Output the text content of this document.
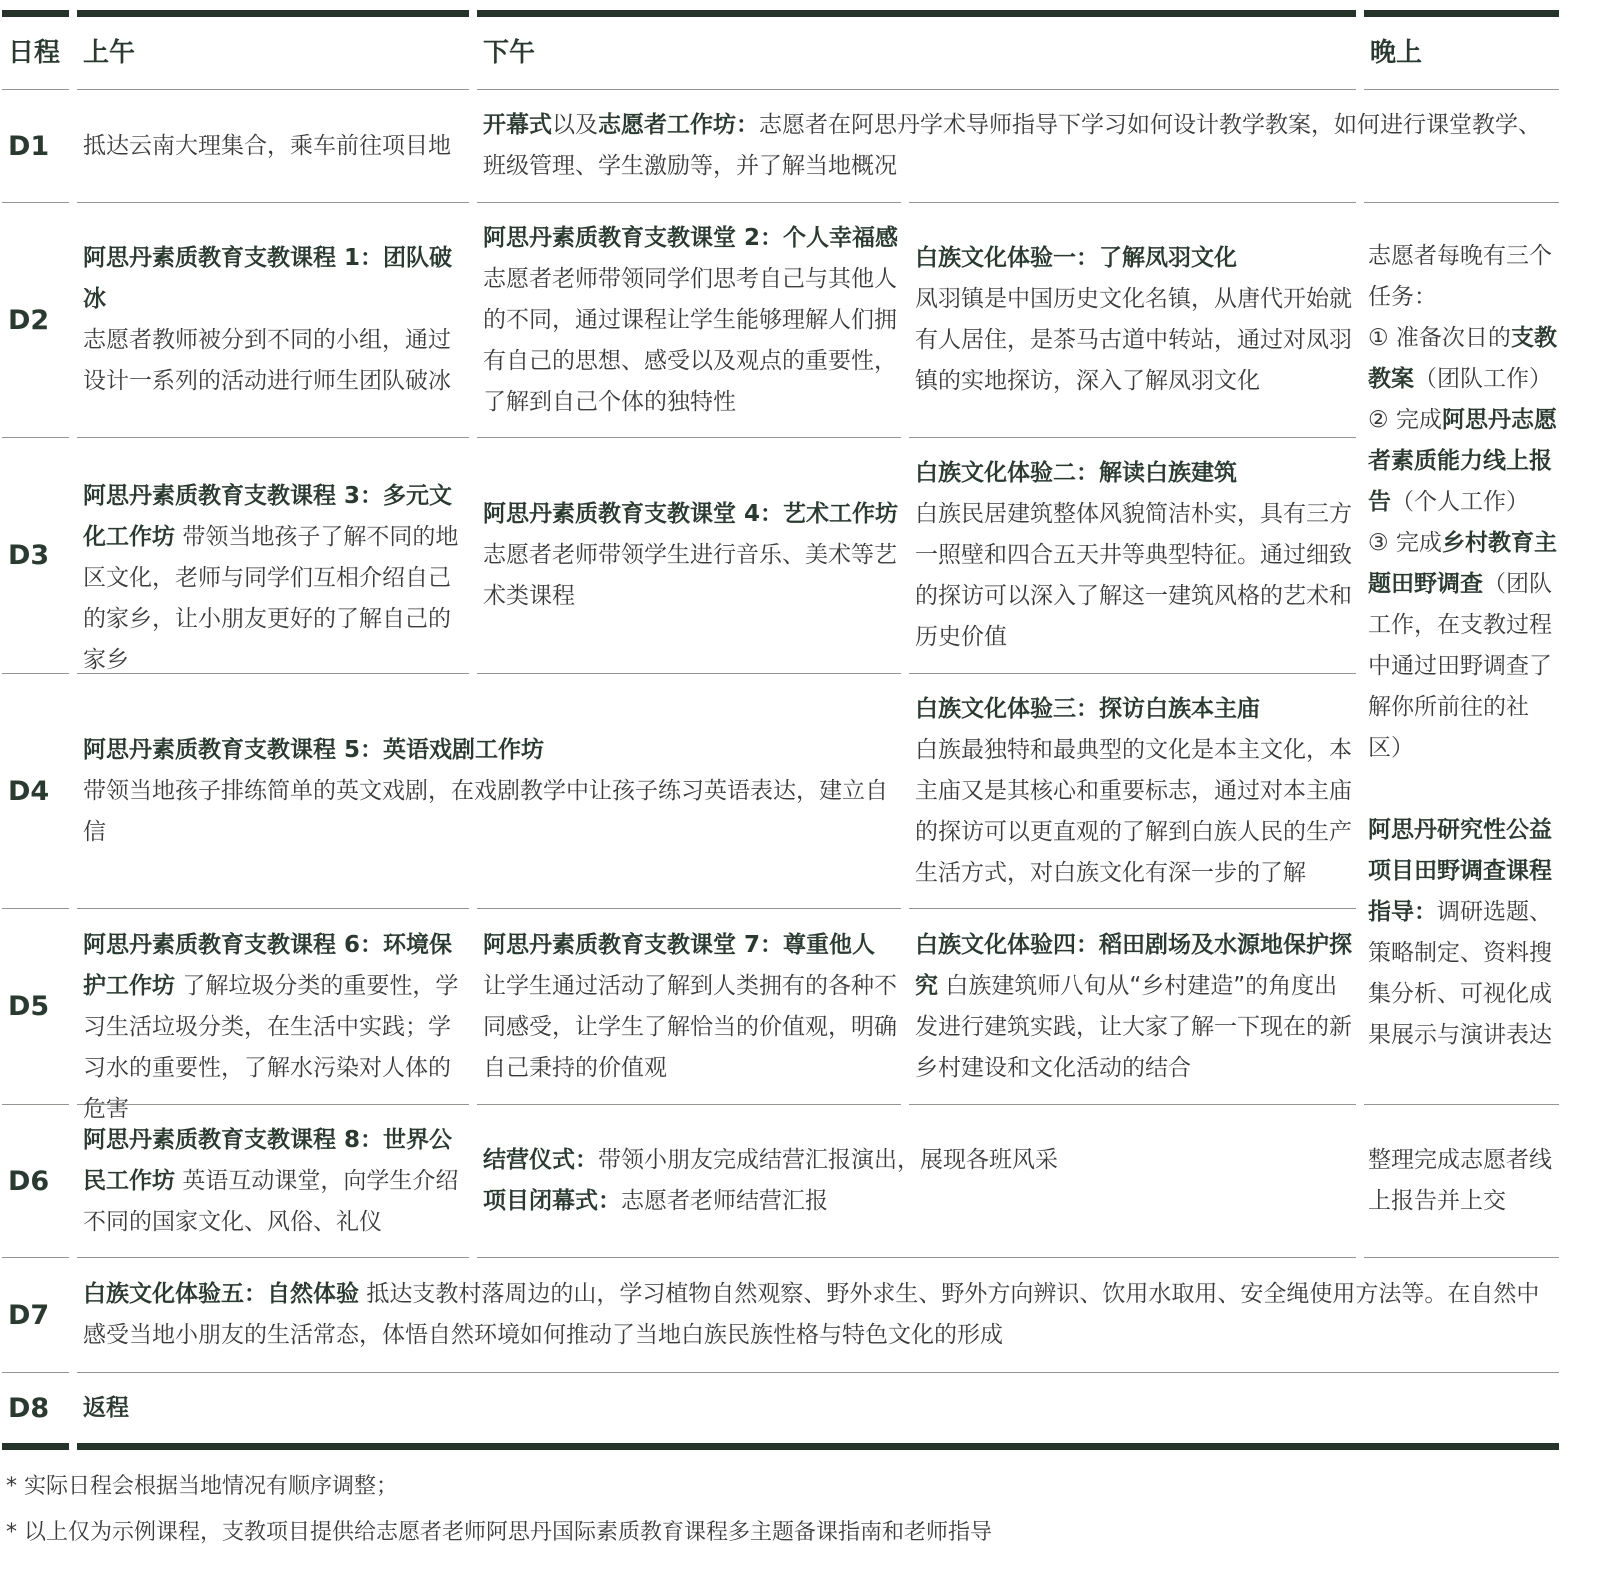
日程 上午	下午	晚上
D1
D2
D3
D4
D5
D6
D7
D8
抵达云南大理集合，乘车前往项目地
开幕式以及志愿者工作坊：志愿者在阿思丹学术导师指导下学习如何设计教学教案，如何进行课堂教学、班级管理、学生激励等，并了解当地概况
阿思丹素质教育支教课程 1：团队破冰
志愿者教师被分到不同的小组，通过设计一系列的活动进行师生团队破冰
阿思丹素质教育支教课堂 2：个人幸福感
志愿者老师带领同学们思考自己与其他人的不同，通过课程让学生能够理解人们拥有自己的思想、感受以及观点的重要性，了解到自己个体的独特性
白族文化体验一：了解凤羽文化
凤羽镇是中国历史文化名镇，从唐代开始就有人居住，是茶马古道中转站，通过对凤羽镇的实地探访，深入了解凤羽文化
志愿者每晚有三个任务：
① 准备次日的支教教案（团队工作）
② 完成阿思丹志愿者素质能力线上报告（个人工作）
③ 完成乡村教育主题田野调查（团队工作，在支教过程中通过田野调查了解你所前往的社区）
阿思丹研究性公益项目田野调查课程指导：调研选题、策略制定、资料搜集分析、可视化成果展示与演讲表达
阿思丹素质教育支教课程 3：多元文化工作坊 带领当地孩子了解不同的地区文化，老师与同学们互相介绍自己的家乡，让小朋友更好的了解自己的家乡
阿思丹素质教育支教课堂 4：艺术工作坊
志愿者老师带领学生进行音乐、美术等艺术类课程
白族文化体验二：解读白族建筑
白族民居建筑整体风貌简洁朴实，具有三方一照壁和四合五天井等典型特征。通过细致的探访可以深入了解这一建筑风格的艺术和历史价值
阿思丹素质教育支教课程 5：英语戏剧工作坊
带领当地孩子排练简单的英文戏剧，在戏剧教学中让孩子练习英语表达，建立自信
白族文化体验三：探访白族本主庙
白族最独特和最典型的文化是本主文化，本主庙又是其核心和重要标志，通过对本主庙的探访可以更直观的了解到白族人民的生产生活方式，对白族文化有深一步的了解
阿思丹素质教育支教课程 6：环境保护工作坊 了解垃圾分类的重要性，学习生活垃圾分类，在生活中实践；学习水的重要性，了解水污染对人体的危害
阿思丹素质教育支教课堂 7：尊重他人
让学生通过活动了解到人类拥有的各种不同感受，让学生了解恰当的价值观，明确自己秉持的价值观
白族文化体验四：稻田剧场及水源地保护探究 白族建筑师八旬从“乡村建造”的角度出发进行建筑实践，让大家了解一下现在的新乡村建设和文化活动的结合
阿思丹素质教育支教课程 8：世界公民工作坊 英语互动课堂，向学生介绍不同的国家文化、风俗、礼仪
结营仪式：带领小朋友完成结营汇报演出，展现各班风采
项目闭幕式：志愿者老师结营汇报
整理完成志愿者线上报告并上交
白族文化体验五：自然体验 抵达支教村落周边的山，学习植物自然观察、野外求生、野外方向辨识、饮用水取用、安全绳使用方法等。在自然中感受当地小朋友的生活常态，体悟自然环境如何推动了当地白族民族性格与特色文化的形成
返程
* 实际日程会根据当地情况有顺序调整；
* 以上仅为示例课程，支教项目提供给志愿者老师阿思丹国际素质教育课程多主题备课指南和老师指导
